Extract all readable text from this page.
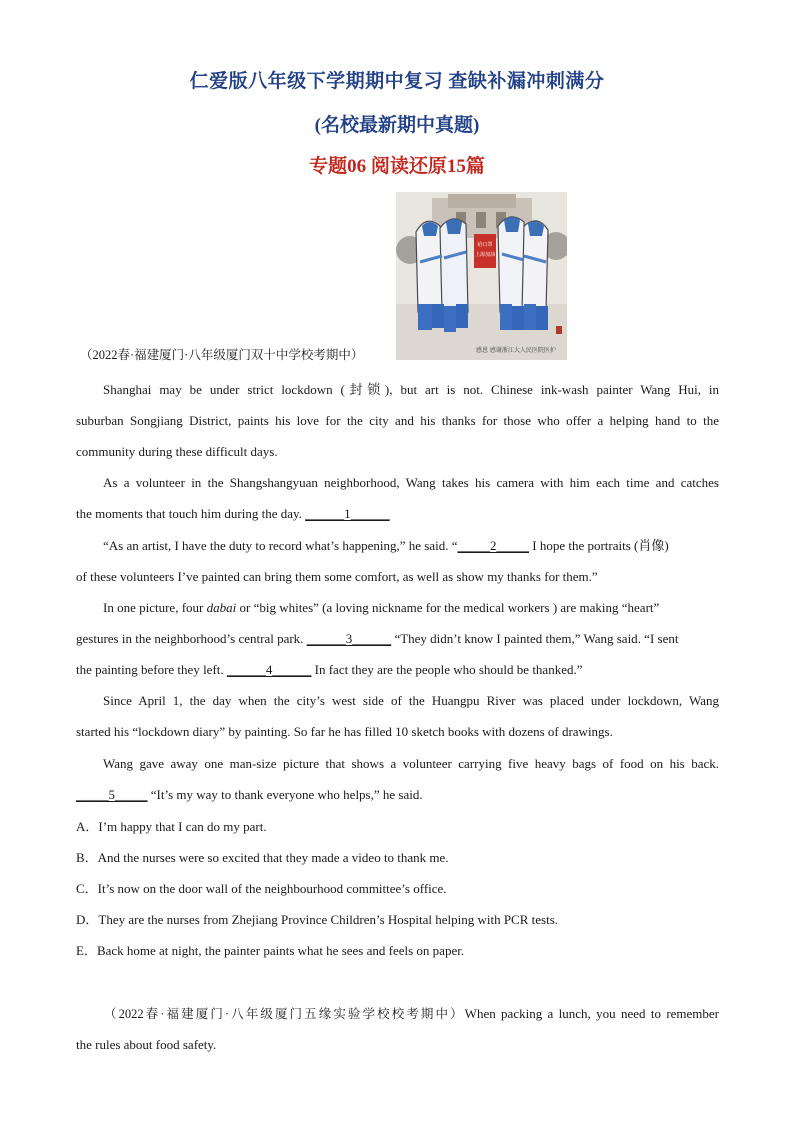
仁爱版八年级下学期期中复习 查缺补漏冲刺满分
(名校最新期中真题)
专题06 阅读还原15篇
给口罩
上海加油
感恩 感谢浙江大人民医院医护
（2022春·福建厦门·八年级厦门双十中学校考期中）
Shanghai may be under strict lockdown (封锁), but art is not. Chinese ink-wash painter Wang Hui, in
suburban Songjiang District, paints his love for the city and his thanks for those who offer a helping hand to the
community during these difficult days.
As a volunteer in the Shangshangyuan neighborhood, Wang takes his camera with him each time and catches
the moments that touch him during the day. ______1______
“As an artist, I have the duty to record what’s happening,” he said. “_____2_____ I hope the portraits (肖像)
of these volunteers I’ve painted can bring them some comfort, as well as show my thanks for them.”
In one picture, four dabai or “big whites” (a loving nickname for the medical workers ) are making “heart”
gestures in the neighborhood’s central park. ______3______ “They didn’t know I painted them,” Wang said. “I sent
the painting before they left. ______4______ In fact they are the people who should be thanked.”
Since April 1, the day when the city’s west side of the Huangpu River was placed under lockdown, Wang
started his “lockdown diary” by painting. So far he has filled 10 sketch books with dozens of drawings.
Wang gave away one man-size picture that shows a volunteer carrying five heavy bags of food on his back.
_____5_____ “It’s my way to thank everyone who helps,” he said.
A．I’m happy that I can do my part.
B．And the nurses were so excited that they made a video to thank me.
C．It’s now on the door wall of the neighbourhood committee’s office.
D．They are the nurses from Zhejiang Province Children’s Hospital helping with PCR tests.
E．Back home at night, the painter paints what he sees and feels on paper.
（2022春·福建厦门·八年级厦门五缘实验学校校考期中）When packing a lunch, you need to remember
the rules about food safety.
